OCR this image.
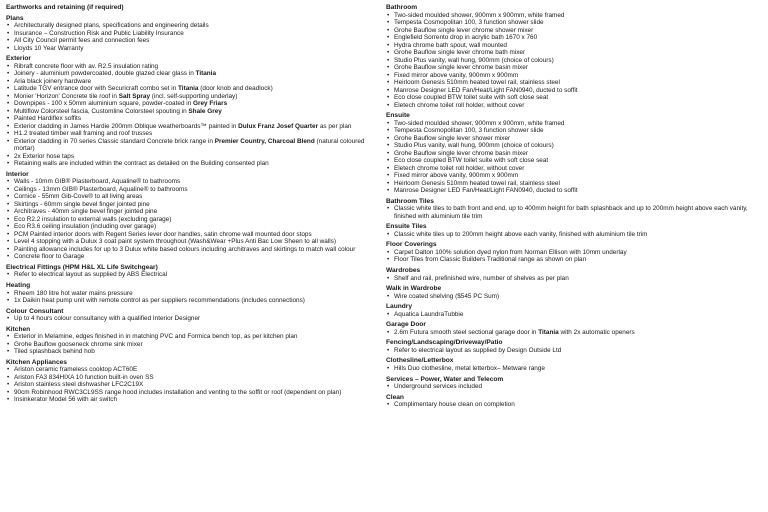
Earthworks and retaining (if required)
Plans
• Architecturally designed plans, specifications and engineering details
• Insurance – Construction Risk and Public Liability Insurance
• All City Council permit fees and connection fees
• Lloyds 10 Year Warranty
Exterior
• Ribraft concrete floor with av. R2.5 insulation rating
• Joinery - aluminium powdercoated, double glazed clear glass in Titania
• Aria black joinery hardware
• Latitude TGV entrance door with Securicraft combo set in Titania (door knob and deadlock)
• Monier 'Horizon' Concrete tile roof in Salt Spray (incl. self-supporting underlay)
• Downpipes - 100 x 50mm aluminium square, powder-coated in Grey Friars
• Multiflow Colorsteel fascia, Customline Colorsteel spouting in Shale Grey
• Painted Hardiflex soffits
• Exterior cladding in James Hardie 200mm Oblique weatherboards™ painted in Dulux Franz Josef Quarter as per plan
• H1.2 treated timber wall framing and roof trusses
• Exterior cladding in 70 series Classic standard Concrete brick range in Premier Country, Charcoal Blend (natural coloured mortar)
• 2x Exterior hose taps
• Retaining walls are included within the contract as detailed on the Building consented plan
Interior
• Walls - 10mm GIB® Plasterboard, Aqualine® to bathrooms
• Ceilings - 13mm GIB® Plasterboard, Aqualine® to bathrooms
• Cornice - 55mm Gib-Cove® to all living areas
• Skirtings - 60mm single bevel finger jointed pine
• Architraves - 40mm single bevel finger jointed pine
• Eco R2.2 insulation to external walls (excluding garage)
• Eco R3.6 ceiling insulation (including over garage)
• PCM Painted interior doors with Regent Series lever door handles, satin chrome wall mounted door stops
• Level 4 stopping with a Dulux 3 coat paint system throughout (Wash&Wear +Plus Anti Bac Low Sheen to all walls)
• Painting allowance includes for up to 3 Dulux white based colours including architraves and skirtings to match wall colour
• Concrete floor to Garage
Electrical Fittings (HPM H&L XL Life Switchgear)
• Refer to electrical layout as supplied by ABS Electrical
Heating
• Rheem 180 litre hot water mains pressure
• 1x Daikin heat pump unit with remote control as per suppliers recommendations (includes connections)
Colour Consultant
• Up to 4 hours colour consultancy with a qualified Interior Designer
Kitchen
• Exterior in Melamine, edges finished in in matching PVC and Formica bench top, as per kitchen plan
• Grohe Bauflow gooseneck chrome sink mixer
• Tiled splashback behind hob
Kitchen Appliances
• Ariston ceramic frameless cooktop ACT60E
• Ariston FA3 834HIXA 10 function built-in oven SS
• Ariston stainless steel dishwasher LFC2C19X
• 90cm Robinhood RWC3CL9SS range hood includes installation and venting to the soffit or roof (dependent on plan)
• Insinkerator Model 56 with air switch
Bathroom
• Two-sided moulded shower, 900mm x 900mm, white framed
• Tempesta Cosmopolitan 100, 3 function shower slide
• Grohe Bauflow single lever chrome shower mixer
• Englefield Sorrento drop in acrylic bath 1670 x 760
• Hydra chrome bath spout, wall mounted
• Grohe Bauflow single lever chrome bath mixer
• Studio Plus vanity, wall hung, 900mm (choice of colours)
• Grohe Bauflow single lever chrome basin mixer
• Fixed mirror above vanity, 900mm x 900mm
• Heirloom Genesis 510mm heated towel rail, stainless steel
• Manrose Designer LED Fan/Heat/Light FAN0940, ducted to soffit
• Eco close coupled BTW toilet suite with soft close seat
• Eletech chrome toilet roll holder, without cover
Ensuite
• Two-sided moulded shower, 900mm x 900mm, white framed
• Tempesta Cosmopolitan 100, 3 function shower slide
• Grohe Bauflow single lever shower mixer
• Studio Plus vanity, wall hung, 900mm (choice of colours)
• Grohe Bauflow single lever chrome basin mixer
• Eco close coupled BTW toilet suite with soft close seat
• Eletech chrome toilet roll holder, without cover
• Fixed mirror above vanity, 900mm x 900mm
• Heirloom Genesis 510mm heated towel rail, stainless steel
• Manrose Designer LED Fan/Heat/Light FAN0940, ducted to soffit
Bathroom Tiles
• Classic white tiles to bath front and end, up to 400mm height for bath splashback and up to 200mm height above each vanity, finished with aluminium tile trim
Ensuite Tiles
• Classic white tiles up to 200mm height above each vanity, finished with aluminium tile trim
Floor Coverings
• Carpet Dalton 100% solution dyed nylon from Norman Ellison with 10mm underlay
• Floor Tiles from Classic Builders Traditional range as shown on plan
Wardrobes
• Shelf and rail, prefinished wire, number of shelves as per plan
Walk in Wardrobe
• Wire coated shelving ($545 PC Sum)
Laundry
• Aquatica LaundraTubbie
Garage Door
• 2.6m Futura smooth steel sectional garage door in Titania with 2x automatic openers
Fencing/Landscaping/Driveway/Patio
• Refer to electrical layout as supplied by Design Outside Ltd
Clothesline/Letterbox
• Hills Duo clothesline, metal letterbox– Metware range
Services – Power, Water and Telecom
• Underground services included
Clean
• Complimentary house clean on completion
